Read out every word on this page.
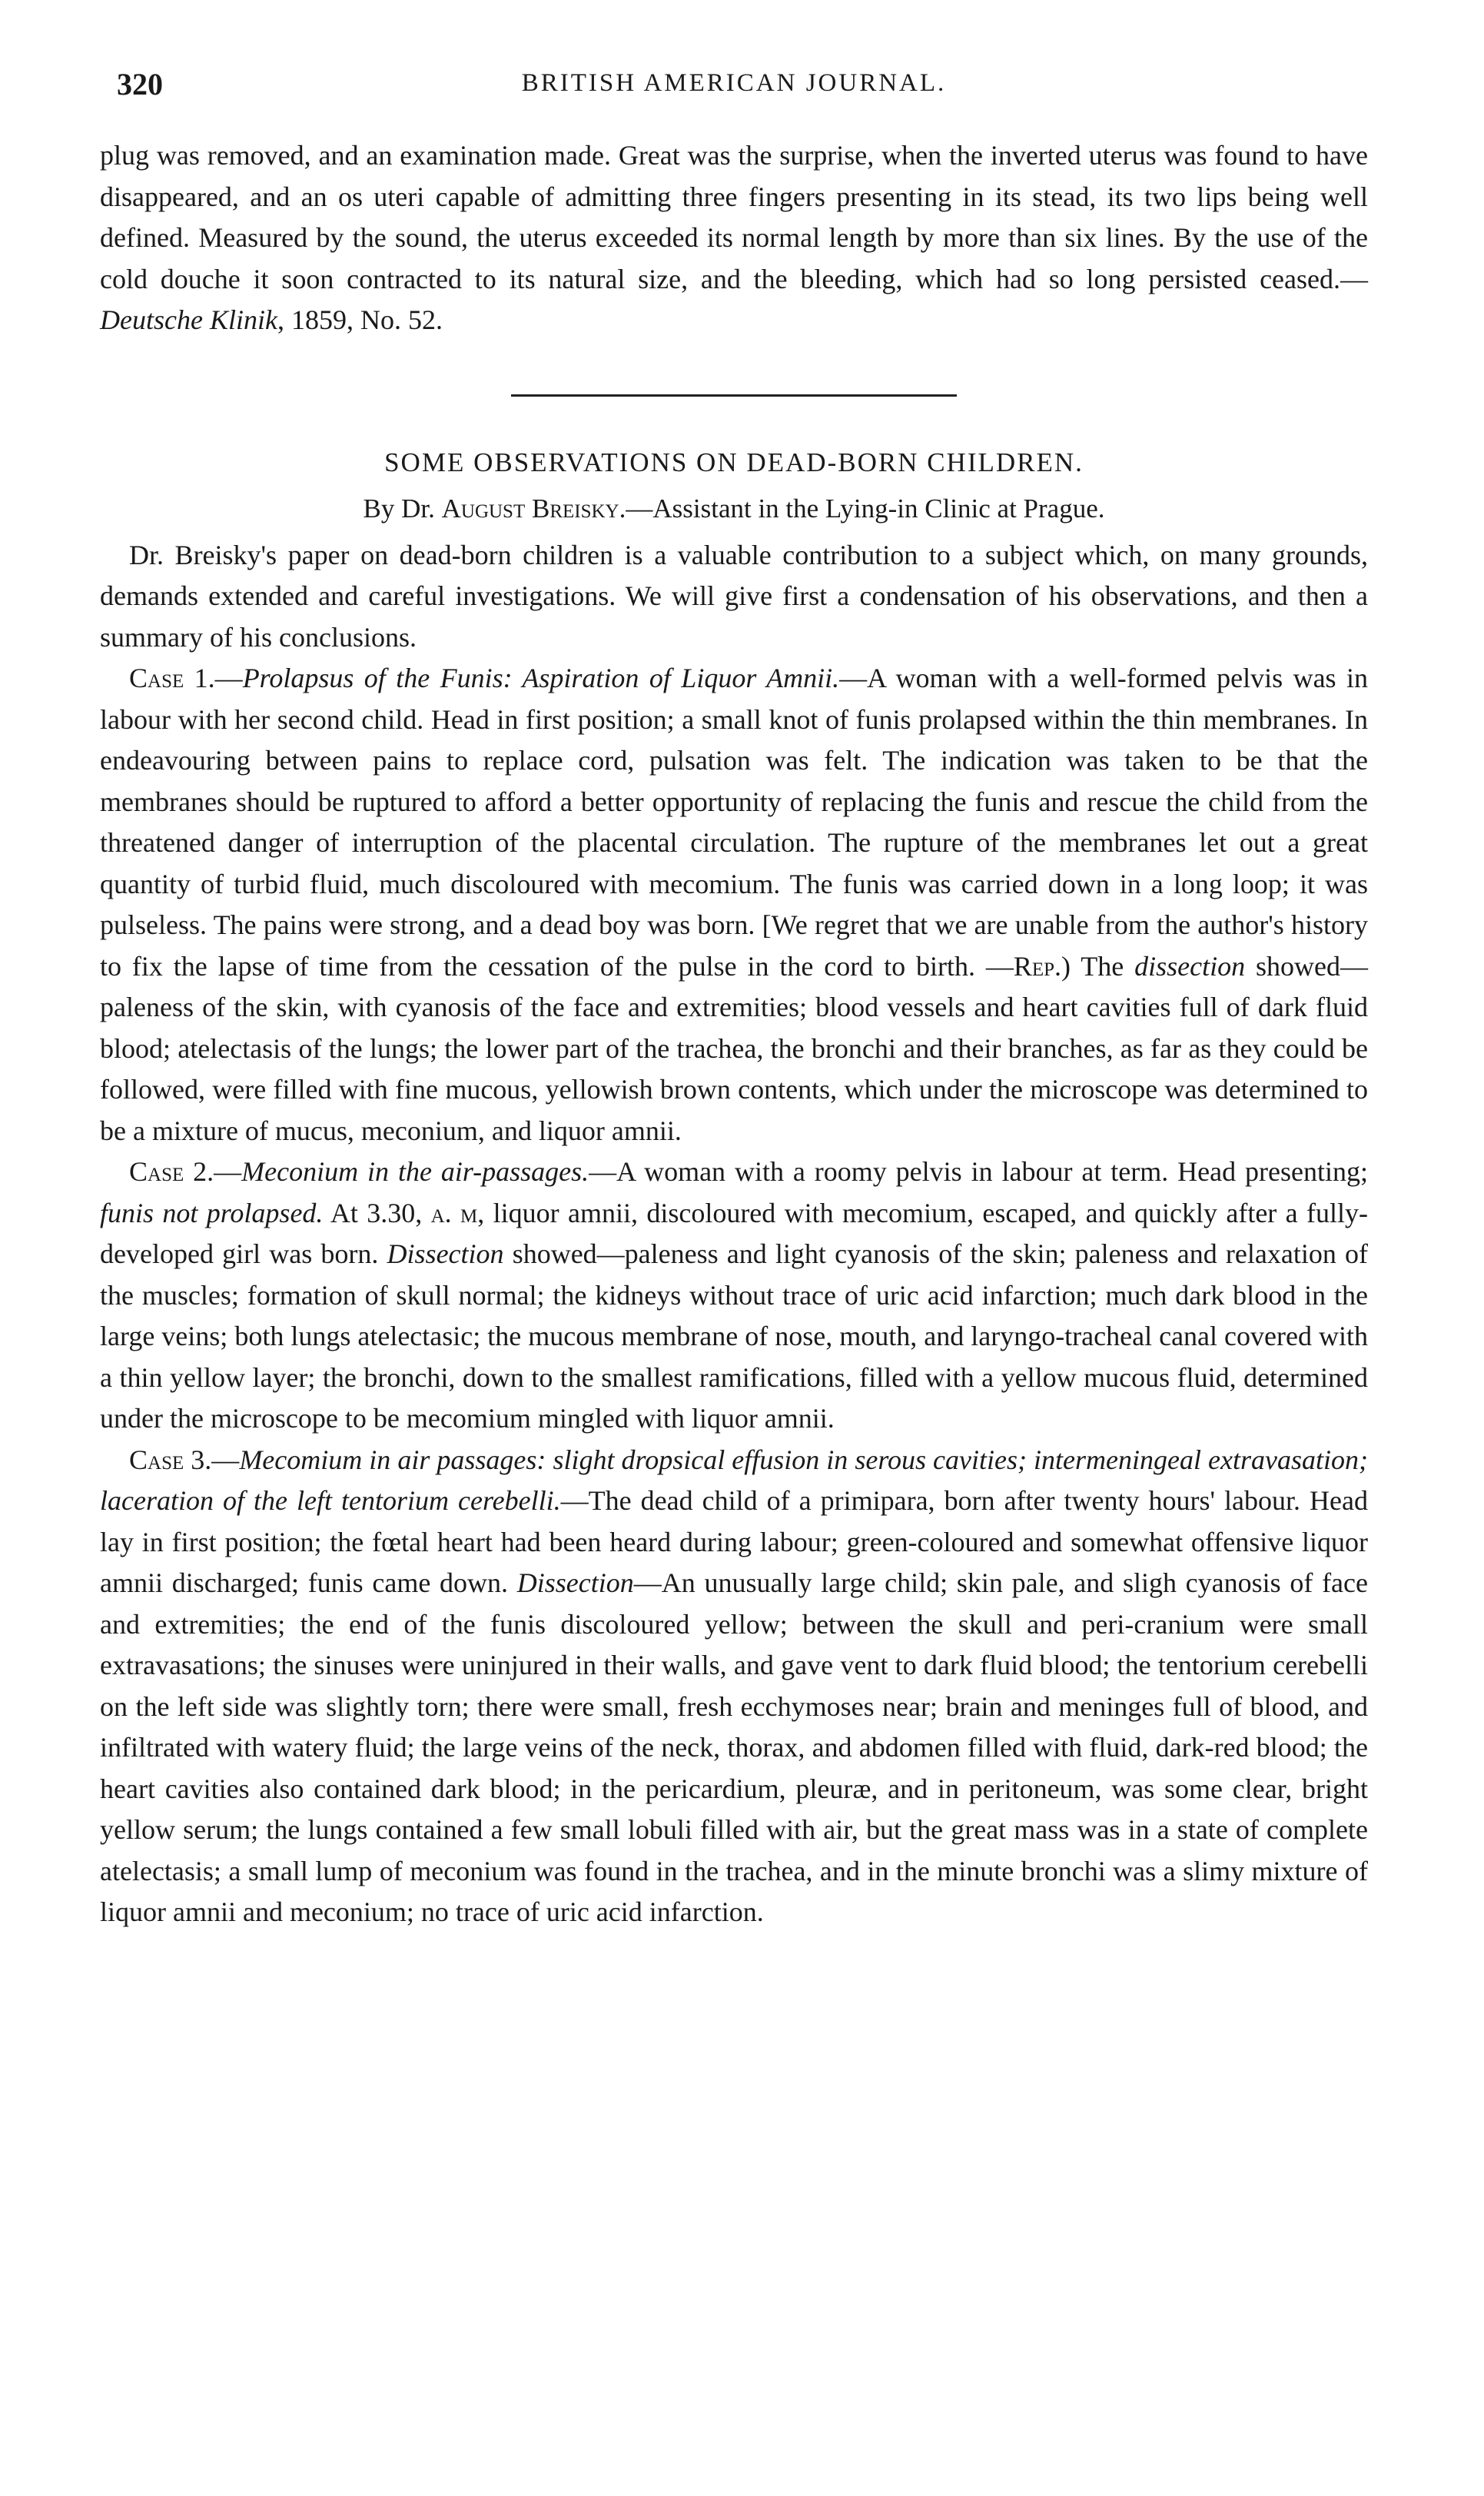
320	BRITISH AMERICAN JOURNAL.

plug was removed, and an examination made. Great was the surprise, when the inverted uterus was found to have disappeared, and an os uteri capable of admitting three fingers presenting in its stead, its two lips being well defined. Measured by the sound, the uterus exceeded its normal length by more than six lines. By the use of the cold douche it soon contracted to its natural size, and the bleeding, which had so long persisted ceased.—Deutsche Klinik, 1859, No. 52.

SOME OBSERVATIONS ON DEAD-BORN CHILDREN.
By Dr. August Breisky.—Assistant in the Lying-in Clinic at Prague.

Dr. Breisky's paper on dead-born children is a valuable contribution to a subject which, on many grounds, demands extended and careful investigations. We will give first a condensation of his observations, and then a summary of his conclusions.

Case 1.—Prolapsus of the Funis: Aspiration of Liquor Amnii.—A woman with a well-formed pelvis was in labour with her second child. Head in first position; a small knot of funis prolapsed within the thin membranes. In endeavouring between pains to replace cord, pulsation was felt. The indication was taken to be that the membranes should be ruptured to afford a better opportunity of replacing the funis and rescue the child from the threatened danger of interruption of the placental circulation. The rupture of the membranes let out a great quantity of turbid fluid, much discoloured with mecomium. The funis was carried down in a long loop; it was pulseless. The pains were strong, and a dead boy was born. [We regret that we are unable from the author's history to fix the lapse of time from the cessation of the pulse in the cord to birth. —Rep.) The dissection showed—paleness of the skin, with cyanosis of the face and extremities; blood vessels and heart cavities full of dark fluid blood; atelectasis of the lungs; the lower part of the trachea, the bronchi and their branches, as far as they could be followed, were filled with fine mucous, yellowish brown contents, which under the microscope was determined to be a mixture of mucus, meconium, and liquor amnii.

Case 2.—Meconium in the air-passages.—A woman with a roomy pelvis in labour at term. Head presenting; funis not prolapsed. At 3.30, a. m, liquor amnii, discoloured with mecomium, escaped, and quickly after a fully-developed girl was born. Dissection showed—paleness and light cyanosis of the skin; paleness and relaxation of the muscles; formation of skull normal; the kidneys without trace of uric acid infarction; much dark blood in the large veins; both lungs atelectasic; the mucous membrane of nose, mouth, and laryngo-tracheal canal covered with a thin yellow layer; the bronchi, down to the smallest ramifications, filled with a yellow mucous fluid, determined under the microscope to be mecomium mingled with liquor amnii.

Case 3.—Mecomium in air passages: slight dropsical effusion in serous cavities; intermeningeal extravasation; laceration of the left tentorium cerebelli.—The dead child of a primipara, born after twenty hours' labour. Head lay in first position; the fœtal heart had been heard during labour; green-coloured and somewhat offensive liquor amnii discharged; funis came down. Dissection—An unusually large child; skin pale, and sligh cyanosis of face and extremities; the end of the funis discoloured yellow; between the skull and peri-cranium were small extravasations; the sinuses were uninjured in their walls, and gave vent to dark fluid blood; the tentorium cerebelli on the left side was slightly torn; there were small, fresh ecchymoses near; brain and meninges full of blood, and infiltrated with watery fluid; the large veins of the neck, thorax, and abdomen filled with fluid, dark-red blood; the heart cavities also contained dark blood; in the pericardium, pleuræ, and in peritoneum, was some clear, bright yellow serum; the lungs contained a few small lobuli filled with air, but the great mass was in a state of complete atelectasis; a small lump of meconium was found in the trachea, and in the minute bronchi was a slimy mixture of liquor amnii and meconium; no trace of uric acid infarction.
